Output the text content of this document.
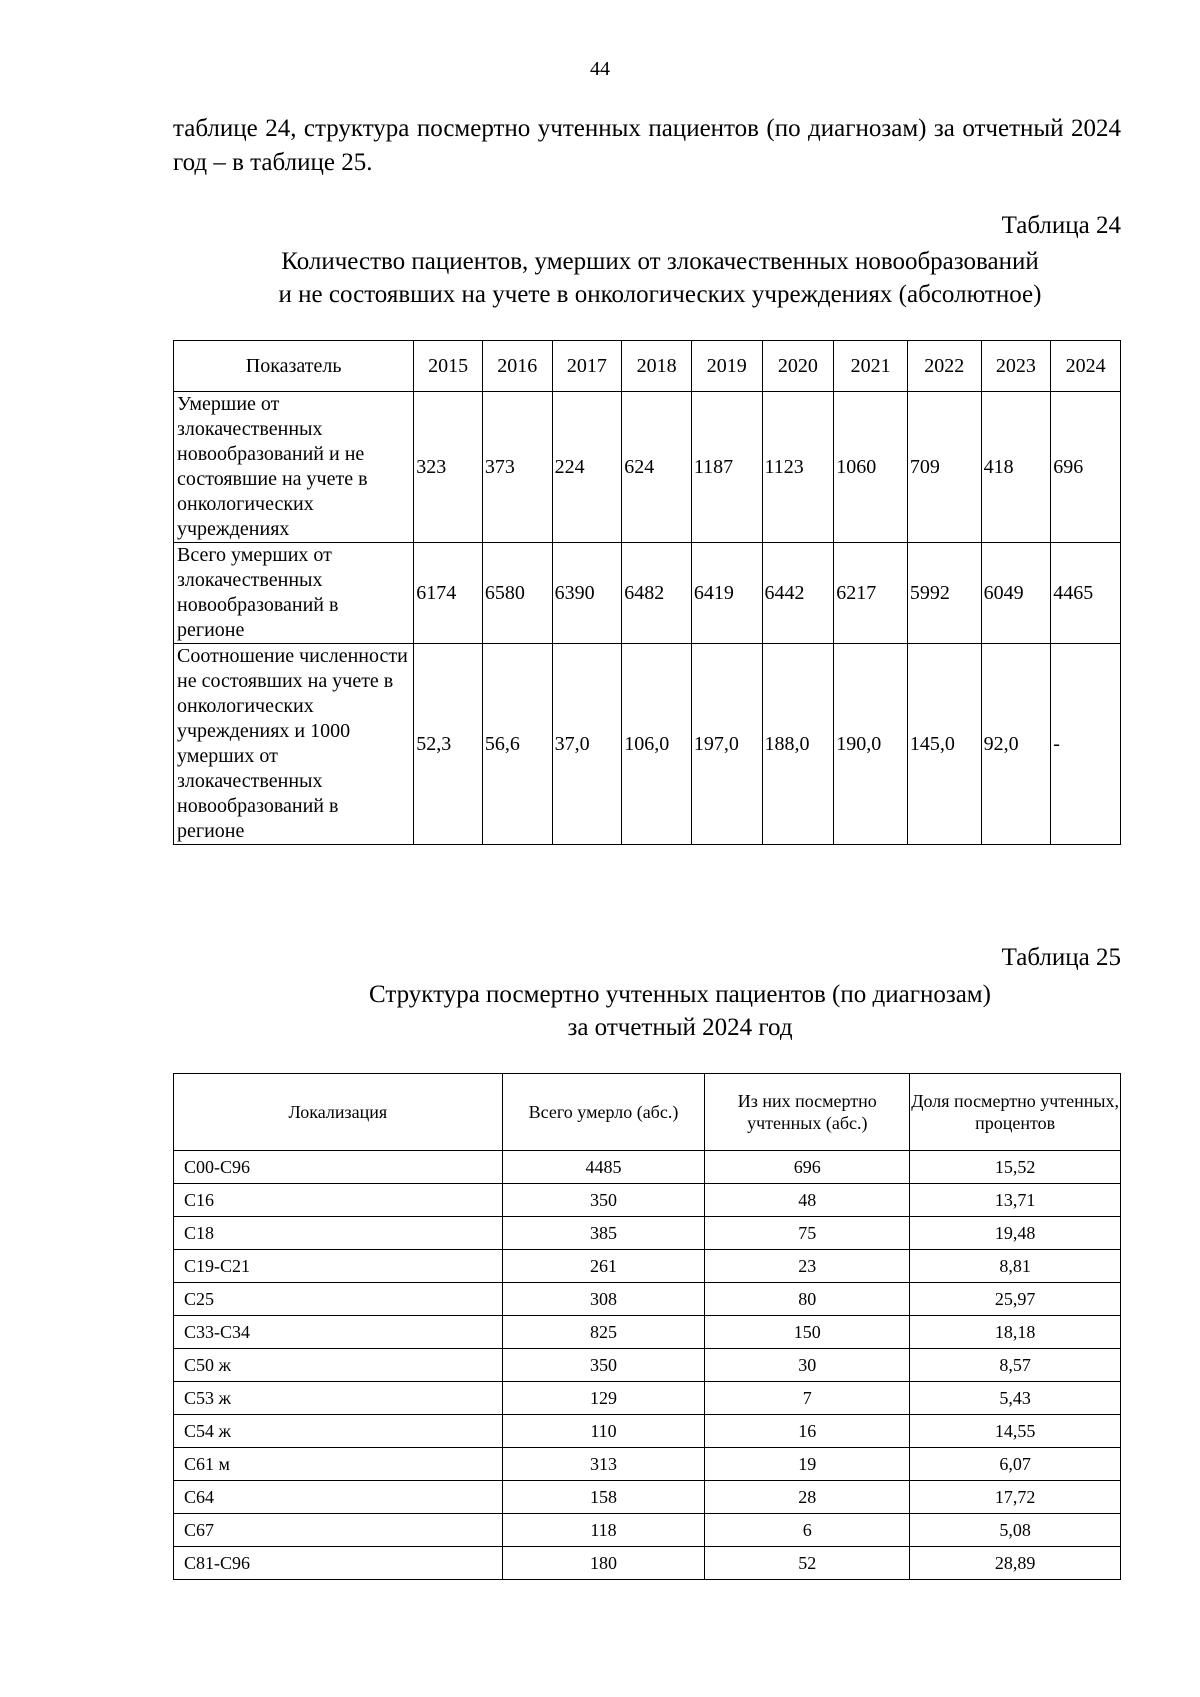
44
таблице 24, структура посмертно учтенных пациентов (по диагнозам) за отчетный 2024 год – в таблице 25.
Таблица 24
Количество пациентов, умерших от злокачественных новообразований
и не состоявших на учете в онкологических учреждениях (абсолютное)
Показатель	2015	2016	2017	2018	2019	2020	2021	2022	2023	2024
Умершие от злокачественных новообразований и не состоявшие на учете в онкологических учреждениях	323	373	224	624	1187	1123	1060	709	418	696
Всего умерших от злокачественных новообразований в регионе	6174	6580	6390	6482	6419	6442	6217	5992	6049	4465
Соотношение численности не состоявших на учете в онкологических учреждениях и 1000 умерших от злокачественных новообразований в регионе	52,3	56,6	37,0	106,0	197,0	188,0	190,0	145,0	92,0	-
Таблица 25
Структура посмертно учтенных пациентов (по диагнозам)
за отчетный 2024 год
Локализация	Всего умерло (абс.)	Из них посмертно учтенных (абс.)	Доля посмертно учтенных, процентов
C00-C96	4485	696	15,52
C16	350	48	13,71
C18	385	75	19,48
C19-C21	261	23	8,81
C25	308	80	25,97
C33-C34	825	150	18,18
C50 ж	350	30	8,57
C53 ж	129	7	5,43
C54 ж	110	16	14,55
C61 м	313	19	6,07
C64	158	28	17,72
C67	118	6	5,08
C81-C96	180	52	28,89
